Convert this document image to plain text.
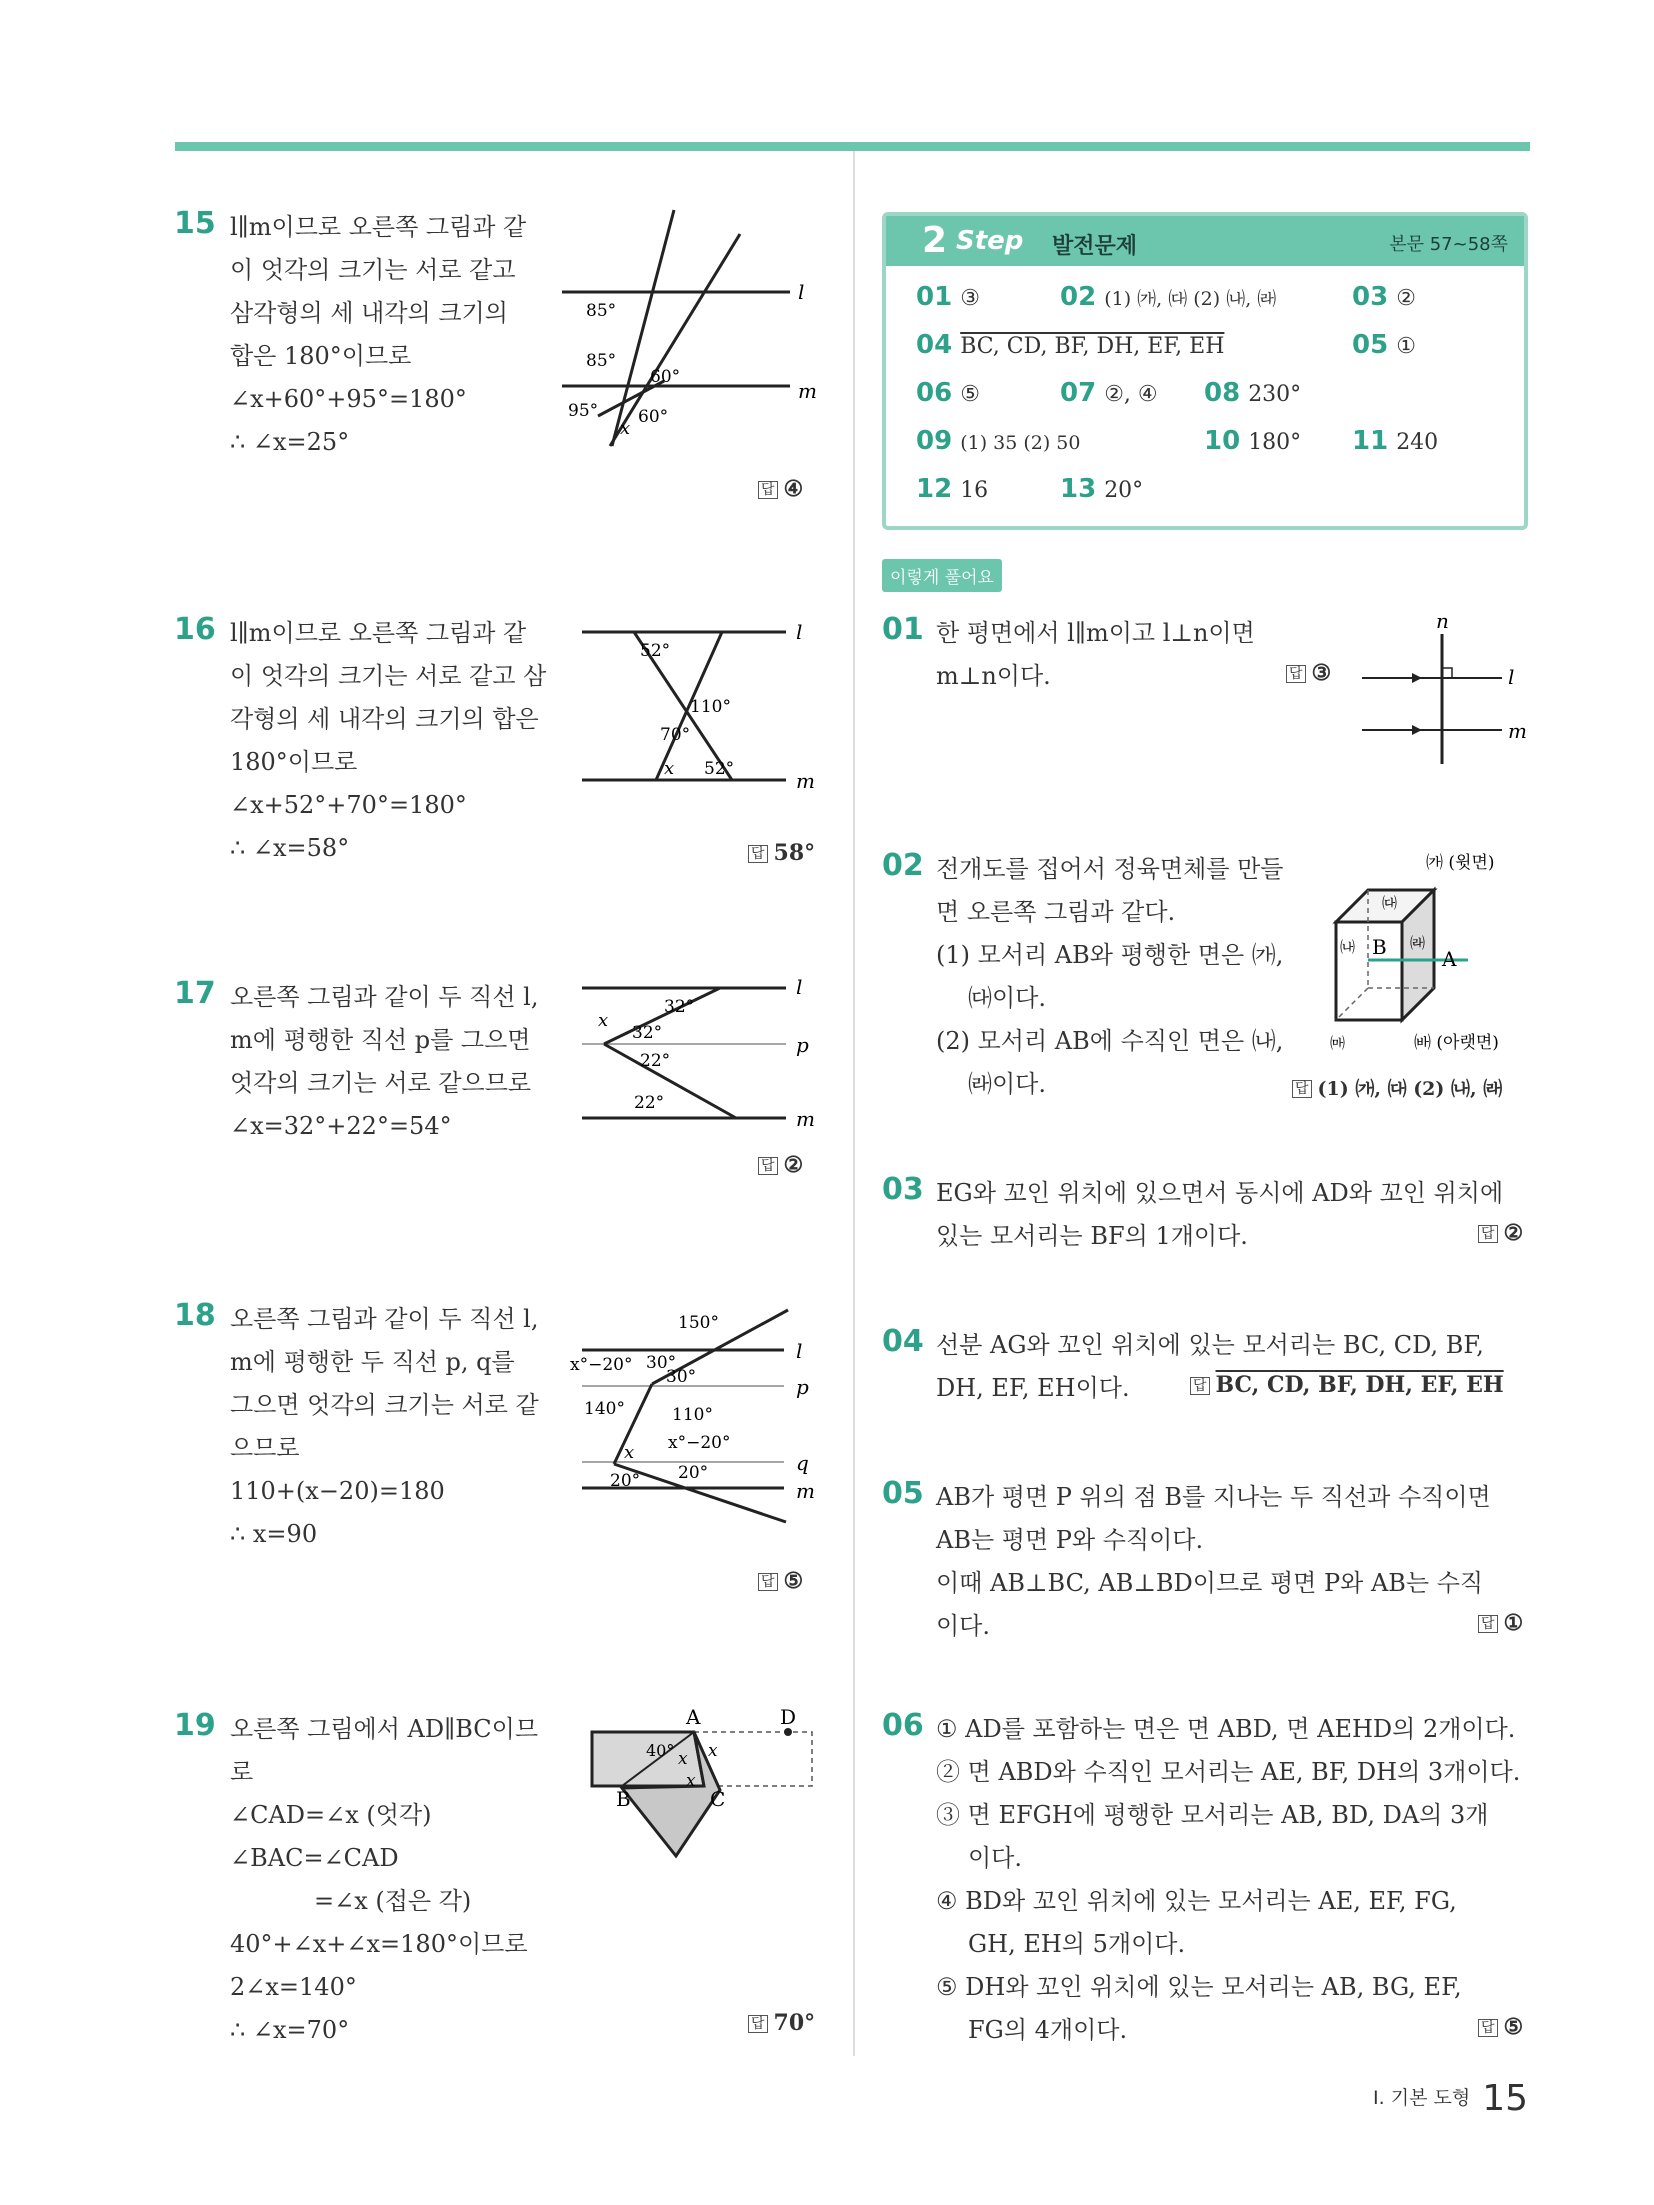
15 l∥m이므로 오른쪽 그림과 같
이 엇각의 크기는 서로 같고
삼각형의 세 내각의 크기의
합은 180°이므로
∠x+60°+95°=180°
∴ ∠x=25°
l
m
85°
85°
60°
95° 60°
x
답 ④
16 l∥m이므로 오른쪽 그림과 같
이 엇각의 크기는 서로 같고 삼
각형의 세 내각의 크기의 합은
180°이므로
∠x+52°+70°=180°
∴ ∠x=58°
l
m
52°
110°
70°
x 52°
답 58°
17 오른쪽 그림과 같이 두 직선 l,
m에 평행한 직선 p를 그으면
엇각의 크기는 서로 같으므로
∠x=32°+22°=54°
l
p
m
32°
x
32°
22°
22°
답 ②
18 오른쪽 그림과 같이 두 직선 l,
m에 평행한 두 직선 p, q를
그으면 엇각의 크기는 서로 같
으므로
110+(x−20)=180
∴ x=90
l
p
q
m
150°
x°−20° 30°
30°
140°	110°
x x°−20°
20° 20°
답 ⑤
19 오른쪽 그림에서 AD∥BC이므
로
∠CAD=∠x (엇각)
∠BAC=∠CAD
=∠x (접은 각)
40°+∠x+∠x=180°이므로
2∠x=140°
∴ ∠x=70°
A	D
40° x x
x
B	C
답 70°
2 Step 발전문제	본문 57~58쪽
01 ③	02 (1) ㈎, ㈐ (2) ㈏, ㈑	03 ②
04 BC, CD, BF, DH, EF, EH	05 ①
06 ⑤	07 ②, ④ 08 230°
09 (1) 35 (2) 50	10 180° 11 240
12 16	13 20°
이렇게 풀어요
01 한 평면에서 l∥m이고 l⊥n이면
m⊥n이다.	답 ③
n
l
m
02 전개도를 접어서 정육면체를 만들
면 오른쪽 그림과 같다.
(1) 모서리 AB와 평행한 면은 ㈎,
㈐이다.
(2) 모서리 AB에 수직인 면은 ㈏,
㈑이다.
㈎ (윗면)
㈐
㈏ B ㈑
A
㈒	㈓ (아랫면)
답 (1) ㈎, ㈐ (2) ㈏, ㈑
03 EG와 꼬인 위치에 있으면서 동시에 AD와 꼬인 위치에
있는 모서리는 BF의 1개이다.	답 ②
04 선분 AG와 꼬인 위치에 있는 모서리는 BC, CD, BF,
DH, EF, EH이다.	답 BC, CD, BF, DH, EF, EH
05 AB가 평면 P 위의 점 B를 지나는 두 직선과 수직이면
AB는 평면 P와 수직이다.
이때 AB⊥BC, AB⊥BD이므로 평면 P와 AB는 수직
이다.	답 ①
06 ① AD를 포함하는 면은 면 ABD, 면 AEHD의 2개이다.
② 면 ABD와 수직인 모서리는 AE, BF, DH의 3개이다.
③ 면 EFGH에 평행한 모서리는 AB, BD, DA의 3개
이다.
④ BD와 꼬인 위치에 있는 모서리는 AE, EF, FG,
GH, EH의 5개이다.
⑤ DH와 꼬인 위치에 있는 모서리는 AB, BG, EF,
FG의 4개이다.	답 ⑤
I. 기본 도형 15
